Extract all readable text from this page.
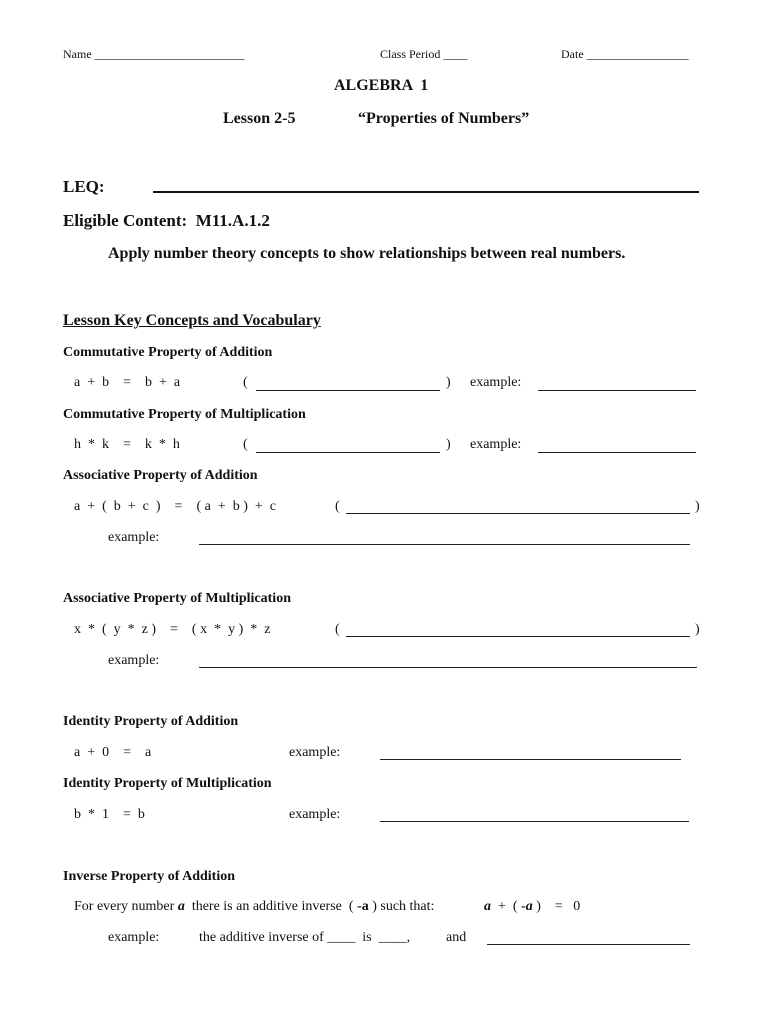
Name _________________________	Class Period ____	Date _________________
ALGEBRA  1
Lesson 2-5	“Properties of Numbers”
LEQ:
Eligible Content:  M11.A.1.2
Apply number theory concepts to show relationships between real numbers.
Lesson Key Concepts and Vocabulary
Commutative Property of Addition
a  +  b    =    b  +  a	(	) example:
Commutative Property of Multiplication
h  *  k    =    k  *  h	(	) example:
Associative Property of Addition
a  +  (  b  +  c  )    =    ( a  +  b )  +  c	(	)
example:
Associative Property of Multiplication
x  *  (  y  *  z )    =    ( x  *  y )  *  z	(	)
example:
Identity Property of Addition
a  +  0    =    a	example:
Identity Property of Multiplication
b  *  1    =  b	example:
Inverse Property of Addition
For every number a  there is an additive inverse  ( -a ) such that:	a  +  ( -a )    =   0
example:	the additive inverse of ____  is  ____,	and
